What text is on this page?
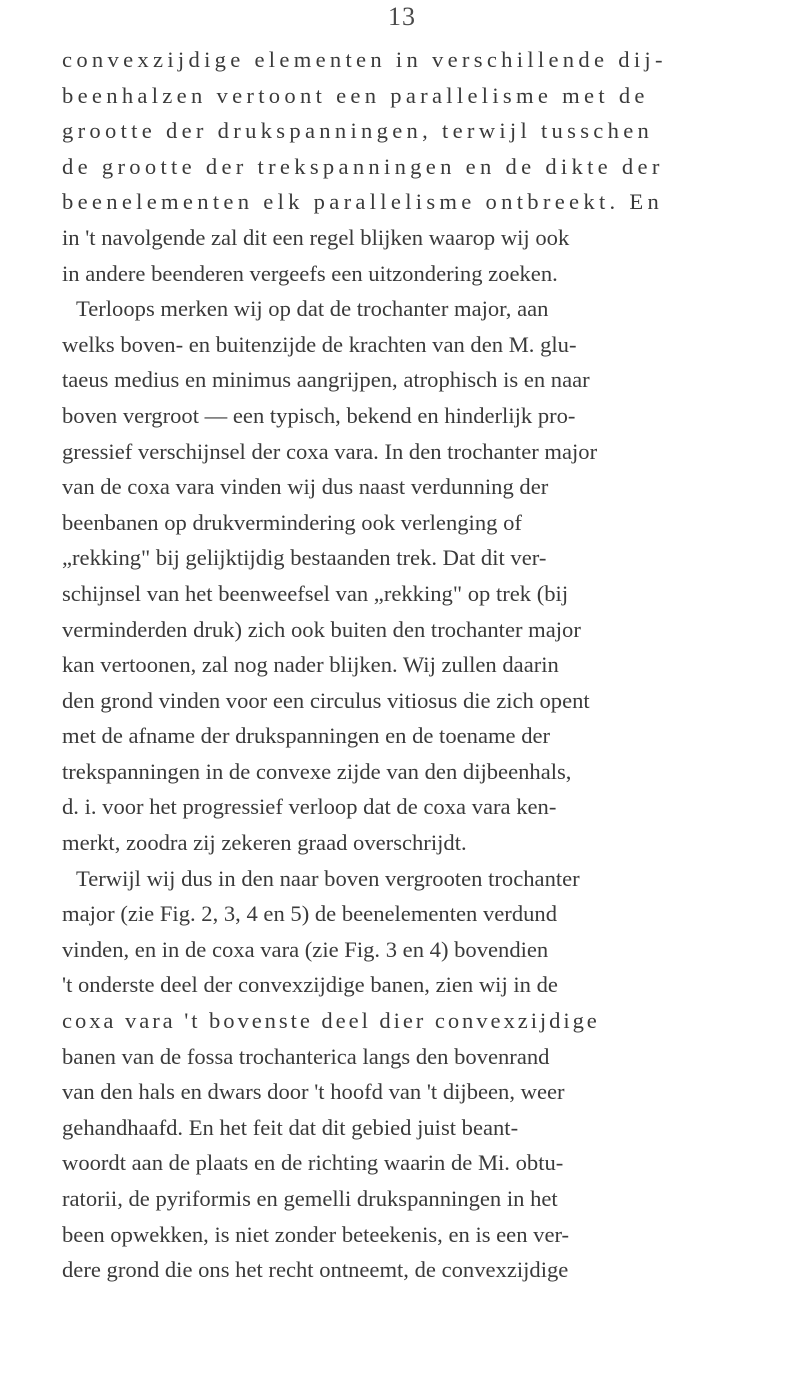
13
convexzijdige elementen in verschillende dij-
beenhalzen vertoont een parallelisme met de
grootte der drukspanningen, terwijl tusschen
de grootte der trekspanningen en de dikte der
beenelementen elk parallelisme ontbreekt. En
in 't navolgende zal dit een regel blijken waarop wij ook
in andere beenderen vergeefs een uitzondering zoeken.
Terloops merken wij op dat de trochanter major, aan
welks boven- en buitenzijde de krachten van den M. glu-
taeus medius en minimus aangrijpen, atrophisch is en naar
boven vergroot — een typisch, bekend en hinderlijk pro-
gressief verschijnsel der coxa vara. In den trochanter major
van de coxa vara vinden wij dus naast verdunning der
beenbanen op drukvermindering ook verlenging of
„rekking" bij gelijktijdig bestaanden trek. Dat dit ver-
schijnsel van het beenweefsel van „rekking" op trek (bij
verminderden druk) zich ook buiten den trochanter major
kan vertoonen, zal nog nader blijken. Wij zullen daarin
den grond vinden voor een circulus vitiosus die zich opent
met de afname der drukspanningen en de toename der
trekspanningen in de convexe zijde van den dijbeenhals,
d. i. voor het progressief verloop dat de coxa vara ken-
merkt, zoodra zij zekeren graad overschrijdt.
Terwijl wij dus in den naar boven vergrooten trochanter
major (zie Fig. 2, 3, 4 en 5) de beenelementen verdund
vinden, en in de coxa vara (zie Fig. 3 en 4) bovendien
't onderste deel der convexzijdige banen, zien wij in de
coxa vara 't bovenste deel dier convexzijdige
banen van de fossa trochanterica langs den bovenrand
van den hals en dwars door 't hoofd van 't dijbeen, weer
gehandhaafd. En het feit dat dit gebied juist beant-
woordt aan de plaats en de richting waarin de Mi. obtu-
ratorii, de pyriformis en gemelli drukspanningen in het
been opwekken, is niet zonder beteekenis, en is een ver-
dere grond die ons het recht ontneemt, de convexzijdige
